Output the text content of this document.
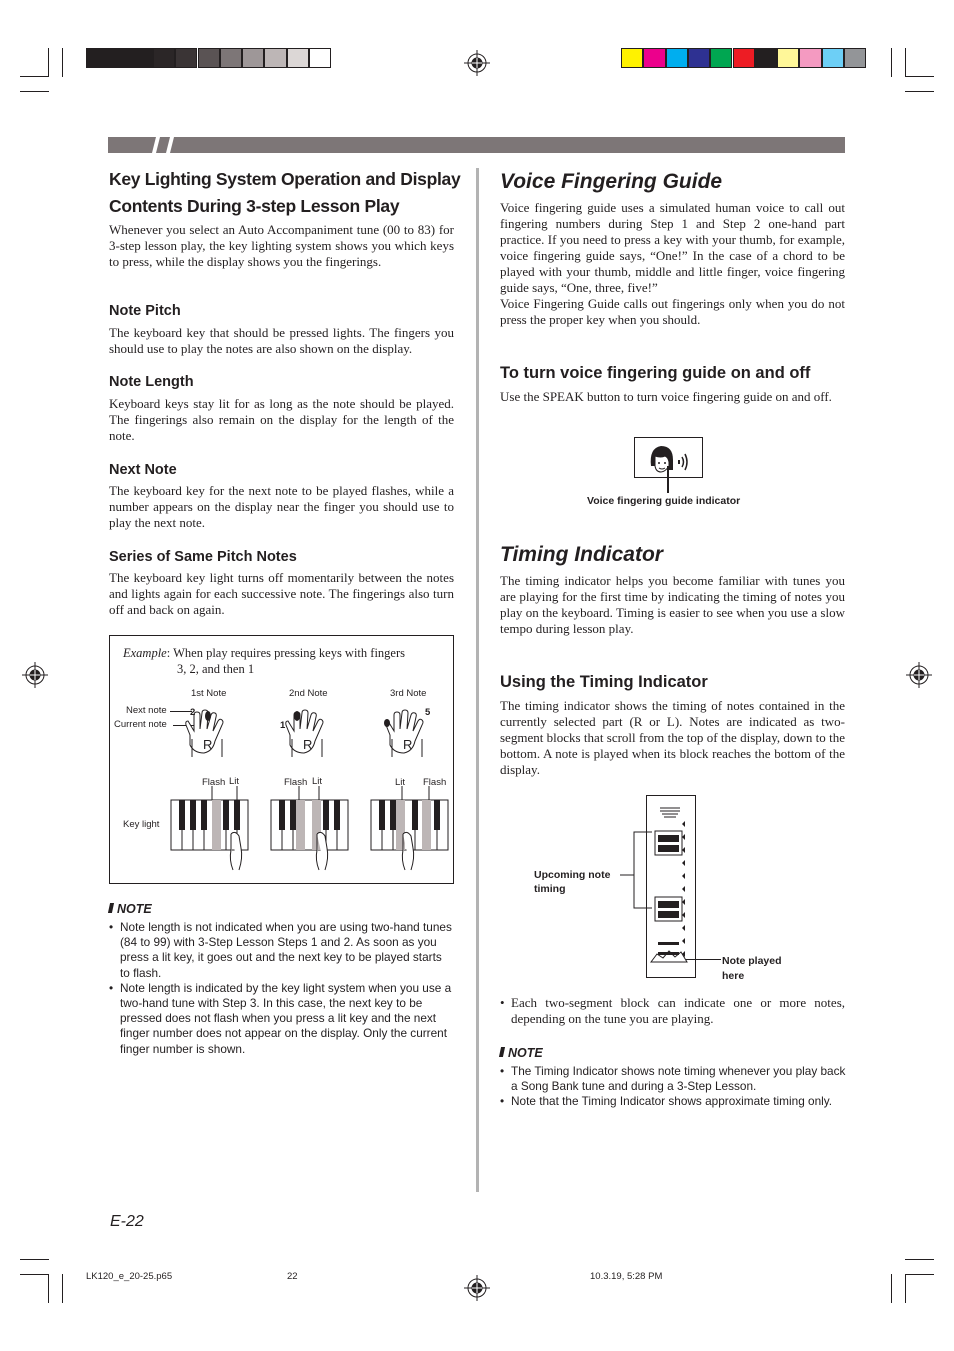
Key Lighting System Operation and Display
Contents During 3-step Lesson Play

Whenever you select an Auto Accompaniment tune (00 to 83) for 3-step lesson play, the key lighting system shows you which keys to press, while the display shows you the fingerings.

Note Pitch

The keyboard key that should be pressed lights. The fingers you should use to play the notes are also shown on the display.

Note Length

Keyboard keys stay lit for as long as the note should be played. The fingerings also remain on the display for the length of the note.

Next Note

The keyboard key for the next note to be played flashes, while a number appears on the display near the finger you should use to play the next note.

Series of Same Pitch Notes

The keyboard key light turns off momentarily between the notes and lights again for each successive note. The fingerings also turn off and back on again.

Example: When play requires pressing keys with fingers
3, 2, and then 1
1st Note	2nd Note	3rd Note
Next note
Current note
R
2
R
1
R
5
Flash Lit	Flash Lit	Lit Flash
Key light
NOTE
• Note length is not indicated when you are using two-hand tunes (84 to 99) with 3-Step Lesson Steps 1 and 2. As soon as you press a lit key, it goes out and the next key to be played starts to flash.
• Note length is indicated by the key light system when you use a two-hand tune with Step 3. In this case, the next key to be pressed does not flash when you press a lit key and the next finger number does not appear on the display. Only the current finger number is shown.
Voice Fingering Guide

Voice fingering guide uses a simulated human voice to call out fingering numbers during Step 1 and Step 2 one-hand part practice. If you need to press a key with your thumb, for example, voice fingering guide says, “One!” In the case of a chord to be played with your thumb, middle and little finger, voice fingering guide says, “One, three, five!”

Voice Fingering Guide calls out fingerings only when you do not press the proper key when you should.

To turn voice fingering guide on and off

Use the SPEAK button to turn voice fingering guide on and off.

Voice fingering guide indicator
Timing Indicator

The timing indicator helps you become familiar with tunes you are playing for the first time by indicating the timing of notes you play on the keyboard. Timing is easier to see when you use a slow tempo during lesson play.

Using the Timing Indicator

The timing indicator shows the timing of notes contained in the currently selected part (R or L). Notes are indicated as two-segment blocks that scroll from the top of the display, down to the bottom. A note is played when its block reaches the bottom of the display.

Upcoming note
timing
Note played
here
• Each two-segment block can indicate one or more notes, depending on the tune you are playing.
NOTE
• The Timing Indicator shows note timing whenever you play back a Song Bank tune and during a 3-Step Lesson.
• Note that the Timing Indicator shows approximate timing only.
E-22
LK120_e_20-25.p65	22	10.3.19, 5:28 PM
